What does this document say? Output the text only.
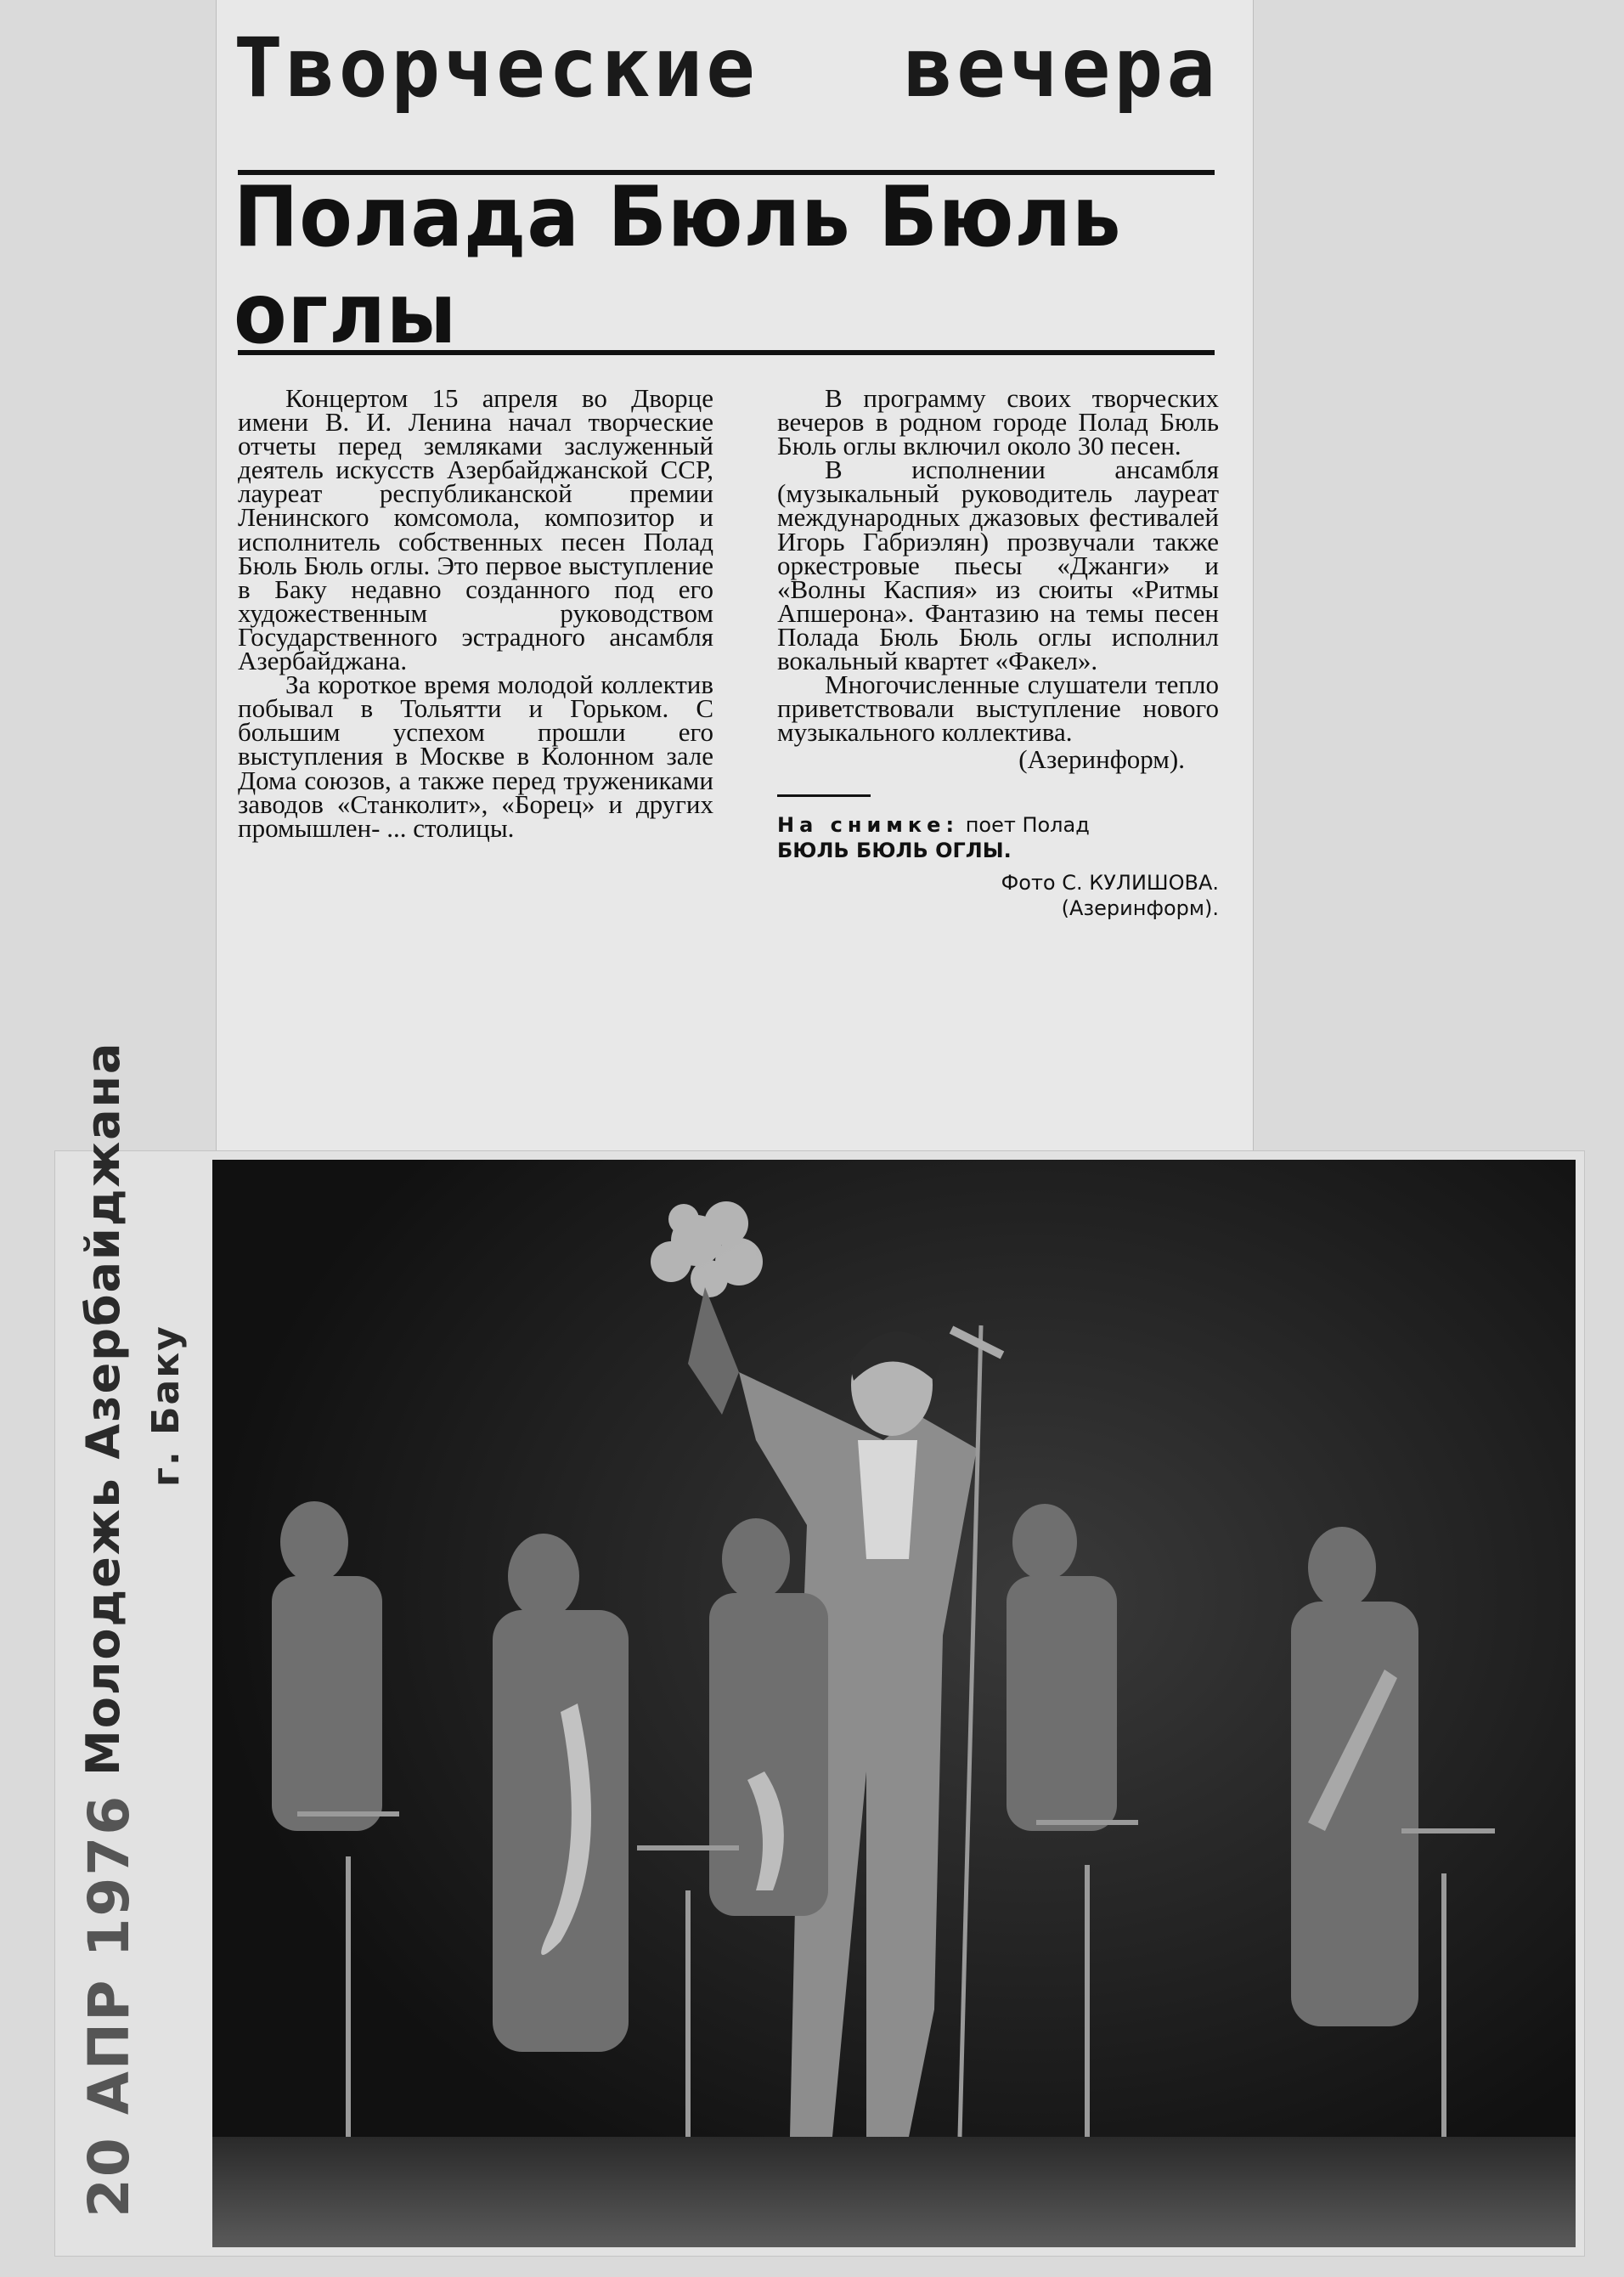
Творческие вечера
Полада Бюль Бюль оглы

Концертом 15 апреля во Дворце имени В. И. Ленина начал творческие отчеты перед земляками заслуженный деятель искусств Азербайджанской ССР, лауреат республиканской премии Ленинского комсомола, композитор и исполнитель собственных песен Полад Бюль Бюль оглы. Это первое выступление в Баку недавно созданного под его художественным руководством Государственного эстрадного ансамбля Азербайджана.

За короткое время молодой коллектив побывал в Тольятти и Горьком. С большим успехом прошли его выступления в Москве в Колонном зале Дома союзов, а также перед тружениками заводов «Станколит», «Борец» и других промышлен- ... столицы.

В программу своих творческих вечеров в родном городе Полад Бюль Бюль оглы включил около 30 песен.

В исполнении ансамбля (музыкальный руководитель лауреат международных джазовых фестивалей Игорь Габриэлян) прозвучали также оркестровые пьесы «Джанги» и «Волны Каспия» из сюиты «Ритмы Апшерона». Фантазию на темы песен Полада Бюль Бюль оглы исполнил вокальный квартет «Факел».

Многочисленные слушатели тепло приветствовали выступление нового музыкального коллектива.

(Азеринформ).

На снимке: поет Полад
БЮЛЬ БЮЛЬ ОГЛЫ.
Фото С. КУЛИШОВА.
(Азеринформ).
20 АПР 1976
Молодежь Азербайджана г. Баку
